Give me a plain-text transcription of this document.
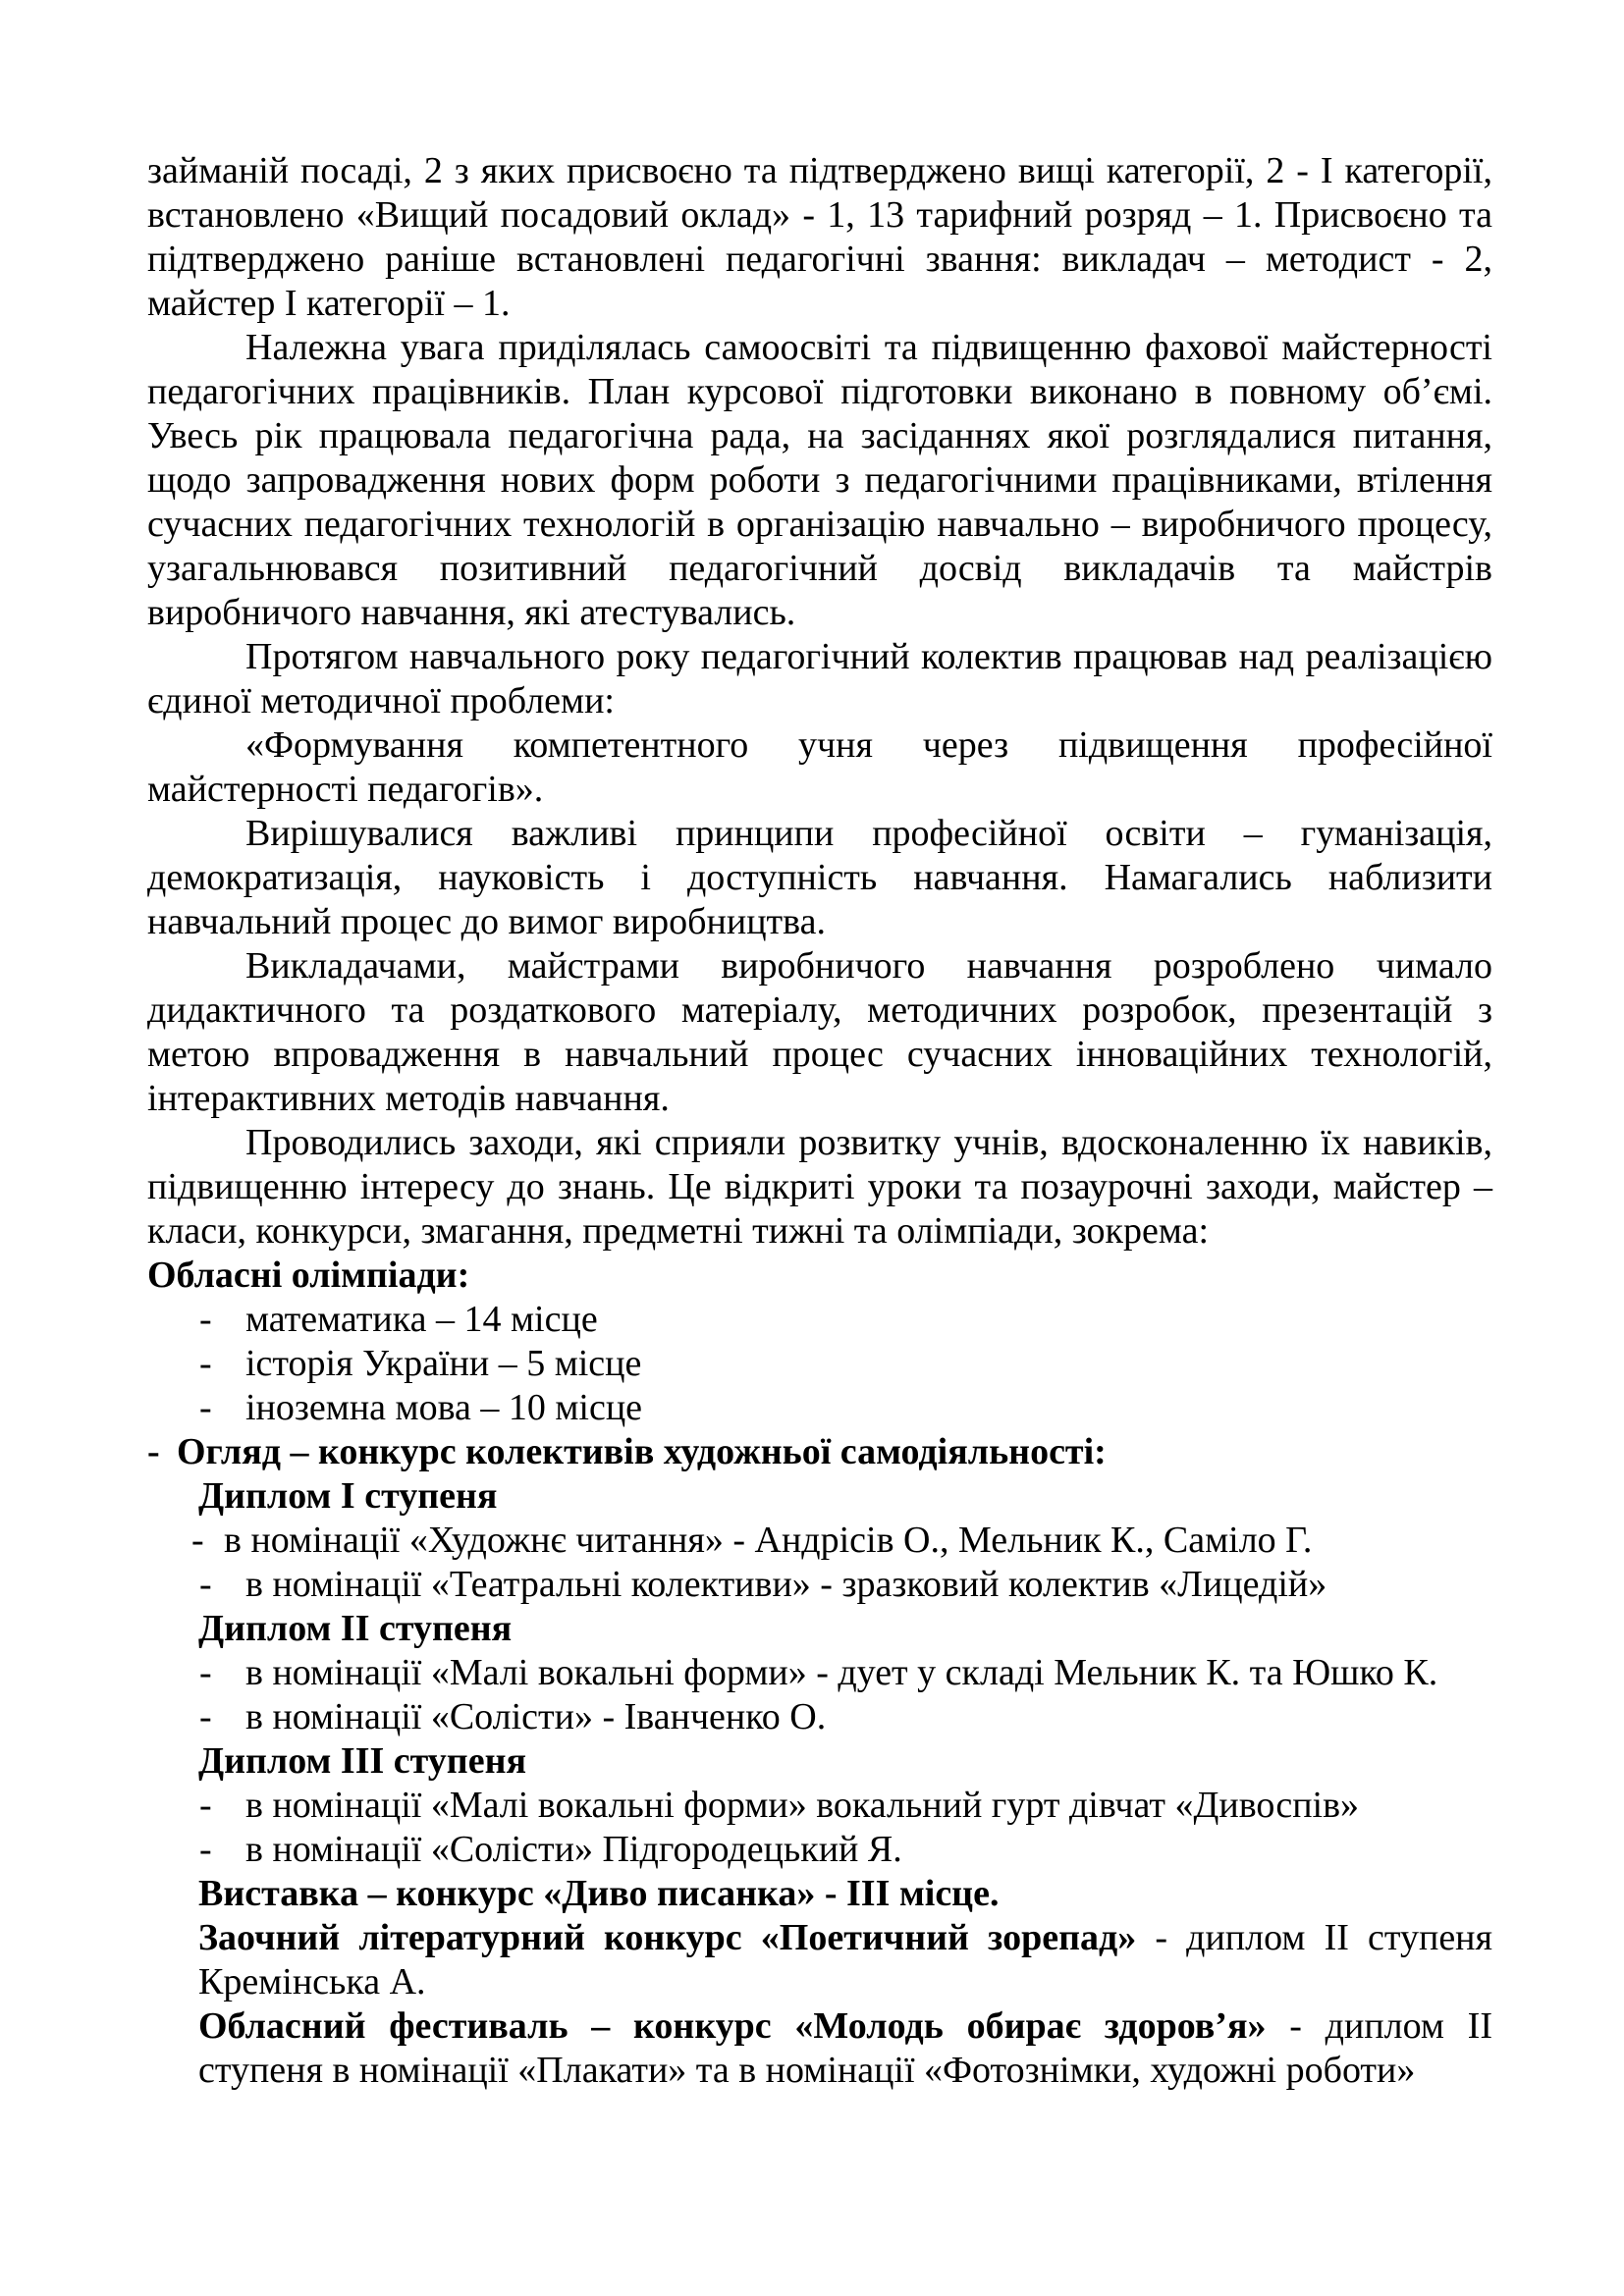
займаній посаді, 2 з яких присвоєно та підтверджено вищі категорії, 2 - І категорії, встановлено «Вищий посадовий оклад» - 1, 13 тарифний розряд – 1. Присвоєно та підтверджено раніше встановлені педагогічні звання: викладач – методист - 2, майстер І категорії – 1.
Належна увага приділялась самоосвіті та підвищенню фахової майстерності педагогічних працівників. План курсової підготовки виконано в повному об’ємі. Увесь рік працювала педагогічна рада, на засіданнях якої розглядалися питання, щодо запровадження нових форм роботи з педагогічними працівниками, втілення сучасних педагогічних технологій в організацію навчально – виробничого процесу, узагальнювався позитивний педагогічний досвід викладачів та майстрів виробничого навчання, які атестувались.
Протягом навчального року педагогічний колектив працював над реалізацією єдиної методичної проблеми:
«Формування компетентного учня через підвищення професійної майстерності педагогів».
Вирішувалися важливі принципи професійної освіти – гуманізація, демократизація, науковість і доступність навчання. Намагались наблизити навчальний процес до вимог виробництва.
Викладачами, майстрами виробничого навчання розроблено чимало дидактичного та роздаткового матеріалу, методичних розробок, презентацій з метою впровадження в навчальний процес сучасних інноваційних технологій, інтерактивних методів навчання.
Проводились заходи, які сприяли розвитку учнів, вдосконаленню їх навиків, підвищенню інтересу до знань. Це відкриті уроки та позаурочні заходи, майстер – класи, конкурси, змагання, предметні тижні та олімпіади, зокрема:
Обласні олімпіади:
- математика – 14 місце
- історія України – 5 місце
- іноземна мова – 10 місце
- Огляд – конкурс колективів художньої самодіяльності:
Диплом І ступеня
- в номінації «Художнє читання» - Андрісів О., Мельник К., Саміло Г.
- в номінації «Театральні колективи» - зразковий колектив «Лицедій»
Диплом ІІ ступеня
- в номінації «Малі вокальні форми» - дует у складі Мельник К. та Юшко К.
- в номінації «Солісти» - Іванченко О.
Диплом ІІІ ступеня
- в номінації «Малі вокальні форми» вокальний гурт дівчат «Дивоспів»
- в номінації «Солісти» Підгородецький Я.
Виставка – конкурс «Диво писанка» - ІІІ місце.
Заочний літературний конкурс «Поетичний зорепад» - диплом ІІ ступеня Кремінська А.
Обласний фестиваль – конкурс «Молодь обирає здоров’я» - диплом ІІ ступеня в номінації «Плакати» та в номінації «Фотознімки, художні роботи»
